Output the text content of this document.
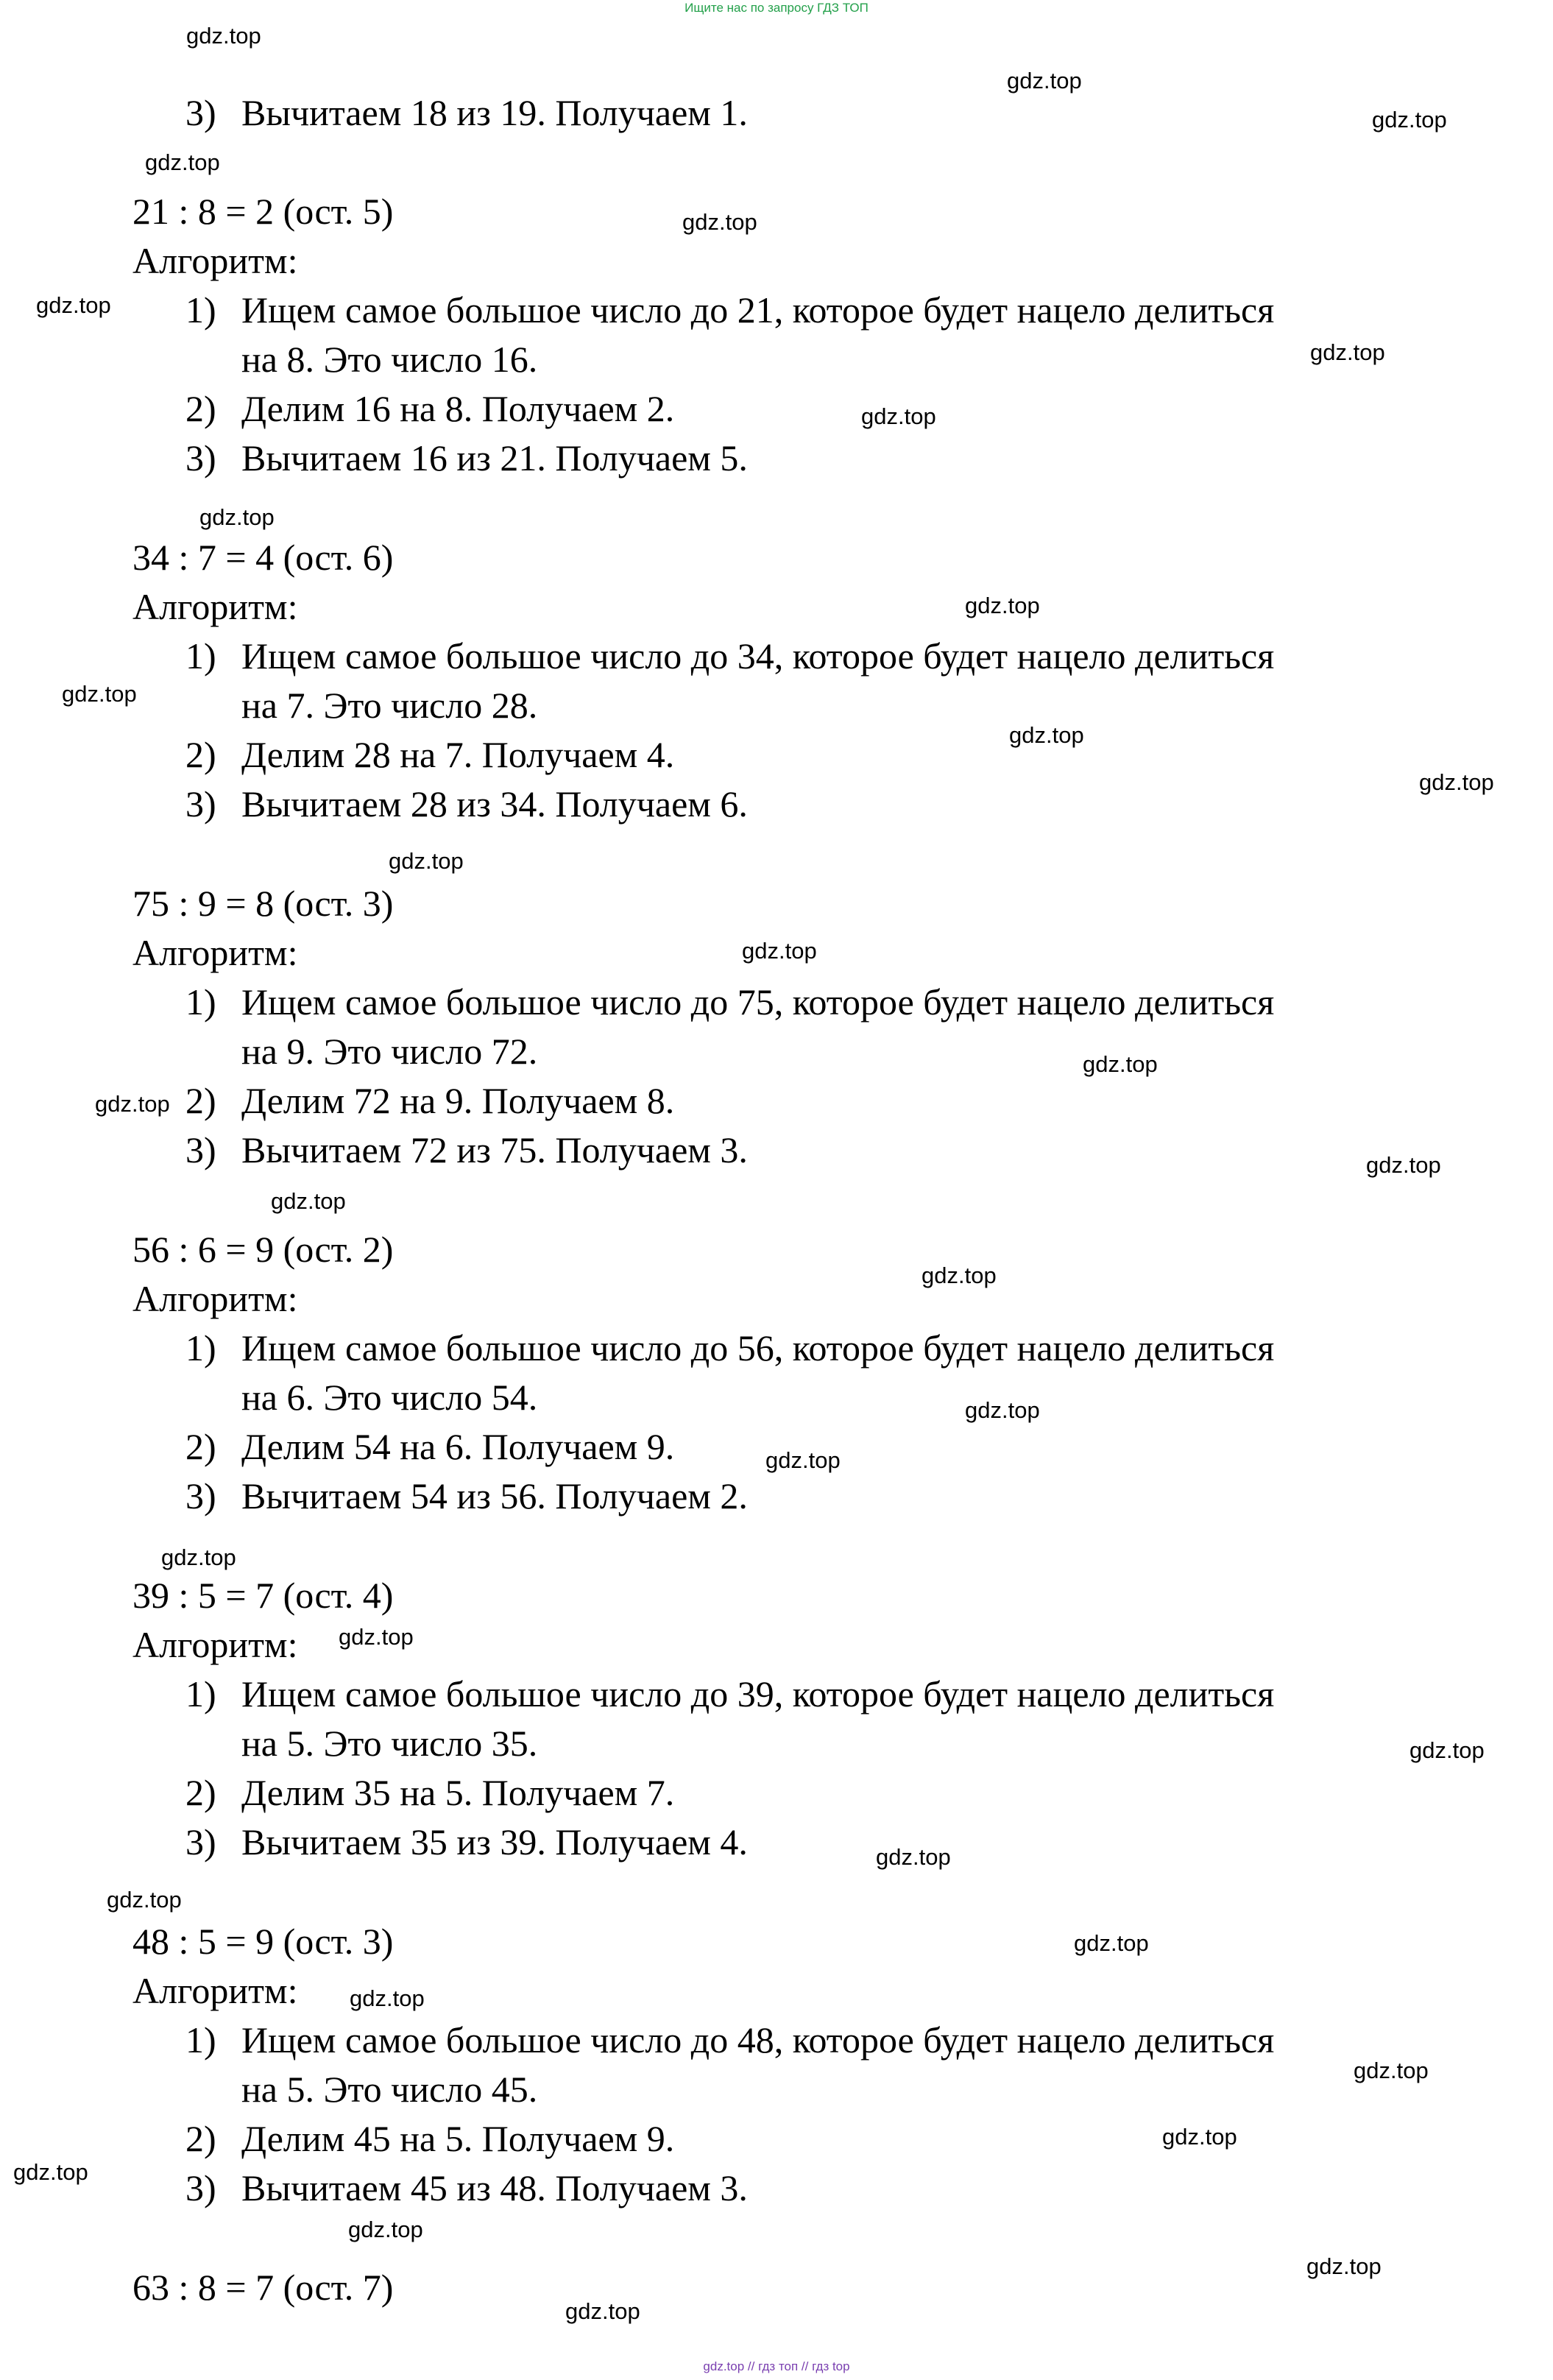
Ищите нас по запросу ГДЗ ТОП
3) Вычитаем 18 из 19. Получаем 1.
21 : 8 = 2 (ост. 5)
Алгоритм:
1) Ищем самое большое число до 21, которое будет нацело делиться
на 8. Это число 16.
2) Делим 16 на 8. Получаем 2.
3) Вычитаем 16 из 21. Получаем 5.
34 : 7 = 4 (ост. 6)
Алгоритм:
1) Ищем самое большое число до 34, которое будет нацело делиться
на 7. Это число 28.
2) Делим 28 на 7. Получаем 4.
3) Вычитаем 28 из 34. Получаем 6.
75 : 9 = 8 (ост. 3)
Алгоритм:
1) Ищем самое большое число до 75, которое будет нацело делиться
на 9. Это число 72.
2) Делим 72 на 9. Получаем 8.
3) Вычитаем 72 из 75. Получаем 3.
56 : 6 = 9 (ост. 2)
Алгоритм:
1) Ищем самое большое число до 56, которое будет нацело делиться
на 6. Это число 54.
2) Делим 54 на 6. Получаем 9.
3) Вычитаем 54 из 56. Получаем 2.
39 : 5 = 7 (ост. 4)
Алгоритм:
1) Ищем самое большое число до 39, которое будет нацело делиться
на 5. Это число 35.
2) Делим 35 на 5. Получаем 7.
3) Вычитаем 35 из 39. Получаем 4.
48 : 5 = 9 (ост. 3)
Алгоритм:
1) Ищем самое большое число до 48, которое будет нацело делиться
на 5. Это число 45.
2) Делим 45 на 5. Получаем 9.
3) Вычитаем 45 из 48. Получаем 3.
63 : 8 = 7 (ост. 7)
gdz.top
gdz.top
gdz.top
gdz.top
gdz.top
gdz.top
gdz.top
gdz.top
gdz.top
gdz.top
gdz.top
gdz.top
gdz.top
gdz.top
gdz.top
gdz.top
gdz.top
gdz.top
gdz.top
gdz.top
gdz.top
gdz.top
gdz.top
gdz.top
gdz.top
gdz.top
gdz.top
gdz.top
gdz.top
gdz.top
gdz.top
gdz.top
gdz.top
gdz.top
gdz.top
gdz.top // гдз топ // гдз top
